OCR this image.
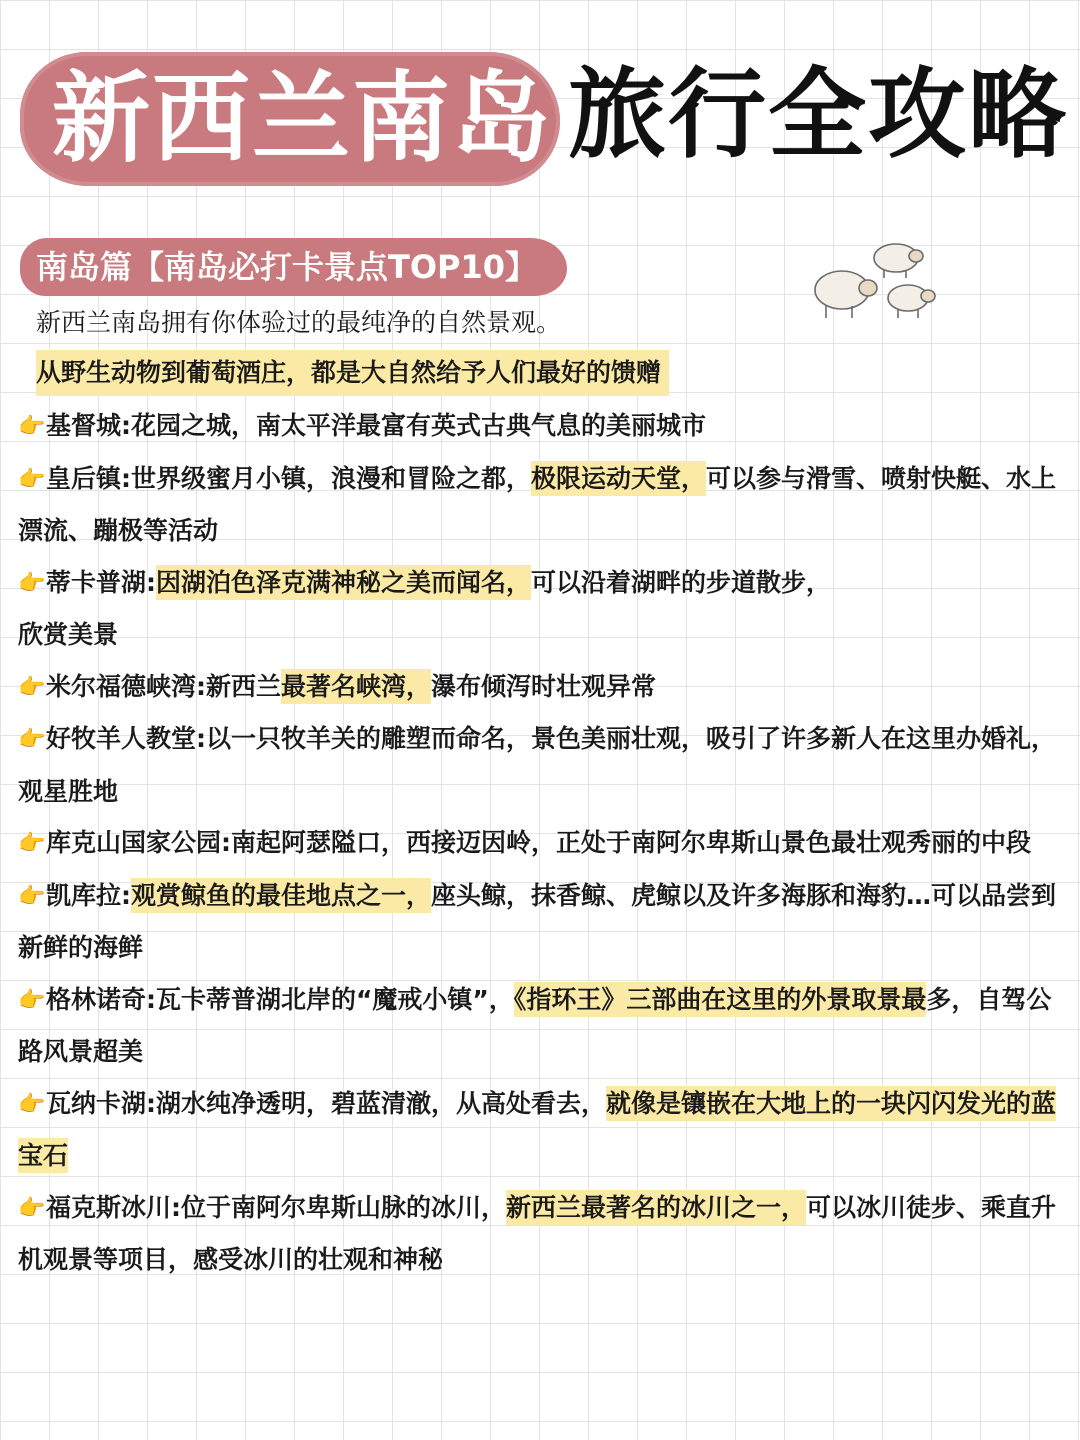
新西兰南岛 旅行全攻略
南岛篇【南岛必打卡景点TOP10】
新西兰南岛拥有你体验过的最纯净的自然景观。
从野生动物到葡萄酒庄，都是大自然给予人们最好的馈赠

👉基督城:花园之城，南太平洋最富有英式古典气息的美丽城市

👉皇后镇:世界级蜜月小镇，浪漫和冒险之都，极限运动天堂，可以参与滑雪、喷射快艇、水上漂流、蹦极等活动

👉蒂卡普湖:因湖泊色泽克满神秘之美而闻名，可以沿着湖畔的步道散步，欣赏美景

👉米尔福德峡湾:新西兰最著名峡湾，瀑布倾泻时壮观异常

👉好牧羊人教堂:以一只牧羊关的雕塑而命名，景色美丽壮观，吸引了许多新人在这里办婚礼，观星胜地

👉库克山国家公园:南起阿瑟隘口，西接迈因岭，正处于南阿尔卑斯山景色最壮观秀丽的中段

👉凯库拉:观赏鲸鱼的最佳地点之一，座头鲸，抹香鲸、虎鲸以及许多海豚和海豹…可以品尝到新鲜的海鲜

👉格林诺奇:瓦卡蒂普湖北岸的“魔戒小镇”，《指环王》三部曲在这里的外景取景最多，自驾公路风景超美

👉瓦纳卡湖:湖水纯净透明，碧蓝清澈，从高处看去，就像是镶嵌在大地上的一块闪闪发光的蓝宝石

👉福克斯冰川:位于南阿尔卑斯山脉的冰川，新西兰最著名的冰川之一，可以冰川徒步、乘直升机观景等项目，感受冰川的壮观和神秘
